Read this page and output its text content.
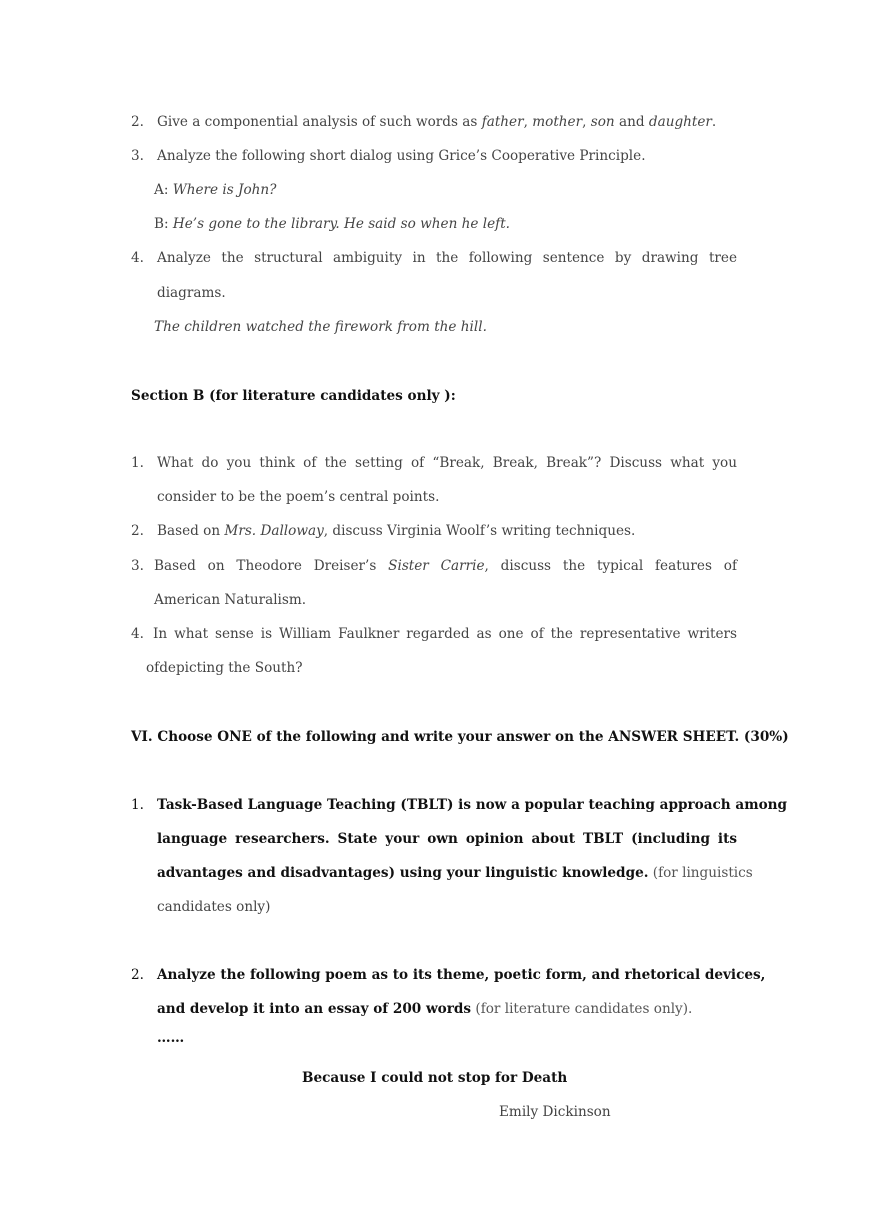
2. Give a componential analysis of such words as father, mother, son and daughter.
3. Analyze the following short dialog using Grice’s Cooperative Principle.
A: Where is John?
B: He’s gone to the library. He said so when he left.
4. Analyze the structural ambiguity in the following sentence by drawing tree
diagrams.
The children watched the firework from the hill.
Section B (for literature candidates only ):
1. What do you think of the setting of “Break, Break, Break”? Discuss what you
consider to be the poem’s central points.
2. Based on Mrs. Dalloway, discuss Virginia Woolf’s writing techniques.
3. Based on Theodore Dreiser’s Sister Carrie, discuss the typical features of
American Naturalism.
4. In what sense is William Faulkner regarded as one of the representative writers
ofdepicting the South?
VI. Choose ONE of the following and write your answer on the ANSWER SHEET. (30%)
1. Task-Based Language Teaching (TBLT) is now a popular teaching approach among
language researchers. State your own opinion about TBLT (including its
advantages and disadvantages) using your linguistic knowledge. (for linguistics
candidates only)
2. Analyze the following poem as to its theme, poetic form, and rhetorical devices,
and develop it into an essay of 200 words (for literature candidates only).
……
Because I could not stop for Death
Emily Dickinson
